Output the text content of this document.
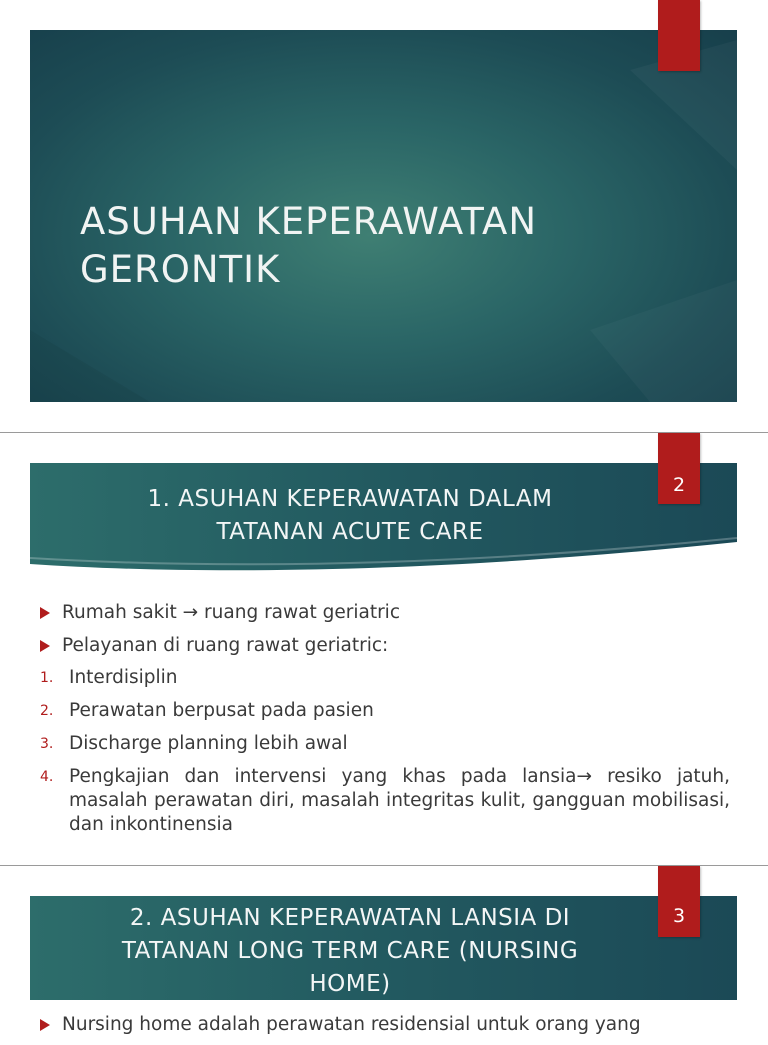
ASUHAN KEPERAWATAN
GERONTIK
1. ASUHAN KEPERAWATAN DALAM
TATANAN ACUTE CARE
2
Rumah sakit → ruang rawat geriatric
Pelayanan di ruang rawat geriatric:
1. Interdisiplin
2. Perawatan berpusat pada pasien
3. Discharge planning lebih awal
4. Pengkajian dan intervensi yang khas pada lansia→ resiko jatuh, masalah perawatan diri, masalah integritas kulit, gangguan mobilisasi, dan inkontinensia
2. ASUHAN KEPERAWATAN LANSIA DI
TATANAN LONG TERM CARE (NURSING
HOME)
3
Nursing home adalah perawatan residensial untuk orang yang
